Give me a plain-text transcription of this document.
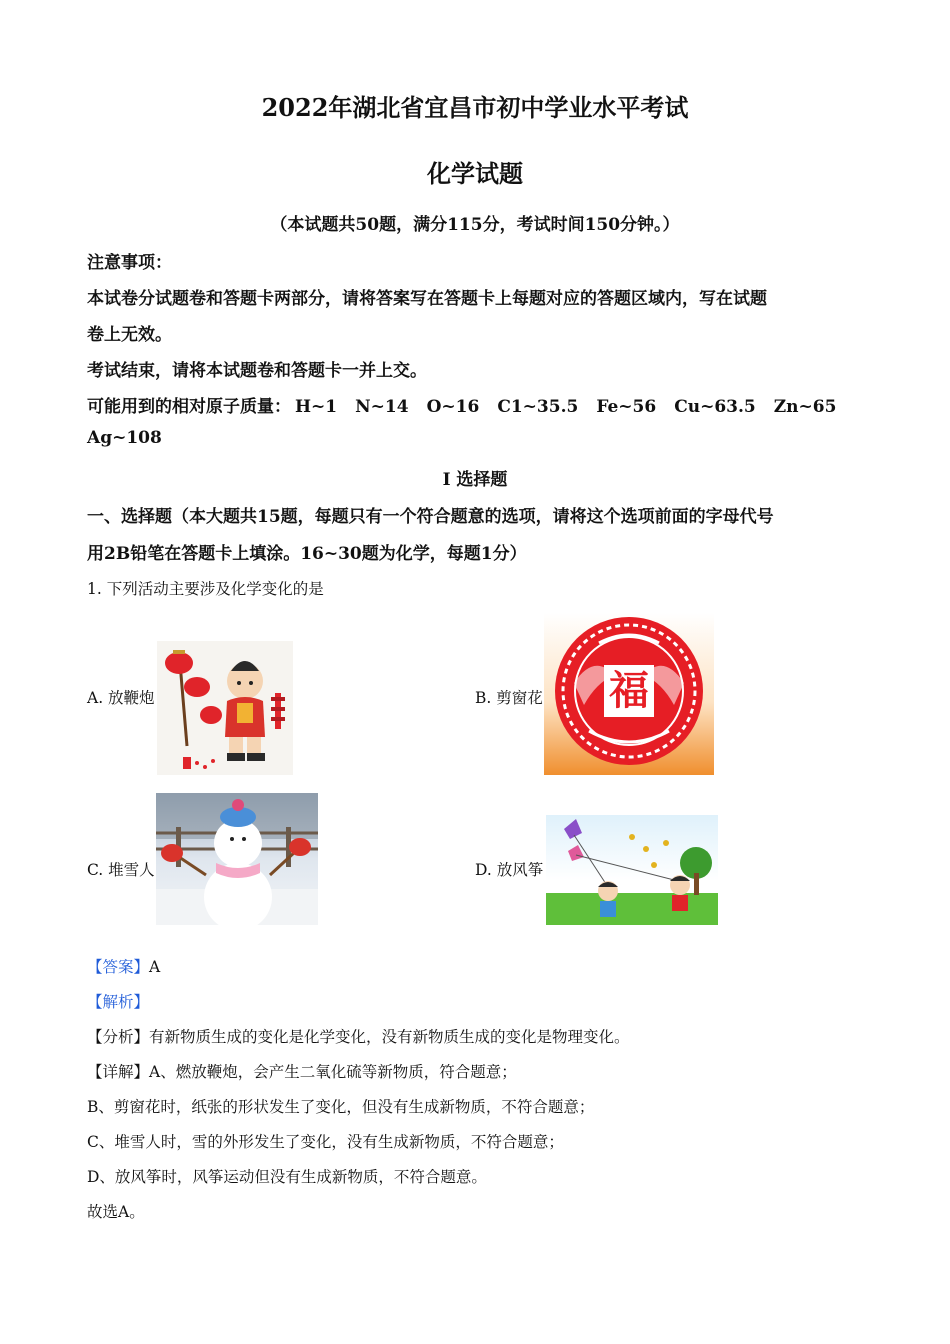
2022年湖北省宜昌市初中学业水平考试
化学试题
（本试题共50题，满分115分，考试时间150分钟。）
注意事项：
本试卷分试题卷和答题卡两部分，请将答案写在答题卡上每题对应的答题区域内，写在试题
卷上无效。
考试结束，请将本试题卷和答题卡一并上交。
可能用到的相对原子质量： H~1 N~14 O~16 C1~35.5 Fe~56 Cu~63.5 Zn~65
Ag~108
I 选择题
一、选择题（本大题共15题，每题只有一个符合题意的选项，请将这个选项前面的字母代号
用2B铅笔在答题卡上填涂。16~30题为化学，每题1分）
1. 下列活动主要涉及化学变化的是
A. 放鞭炮	B. 剪窗花 福
C. 堆雪人	D. 放风筝
【答案】A
【解析】
【分析】有新物质生成的变化是化学变化，没有新物质生成的变化是物理变化。
【详解】A、燃放鞭炮，会产生二氧化硫等新物质，符合题意；
B、剪窗花时，纸张的形状发生了变化，但没有生成新物质，不符合题意；
C、堆雪人时，雪的外形发生了变化，没有生成新物质，不符合题意；
D、放风筝时，风筝运动但没有生成新物质，不符合题意。
故选A。
